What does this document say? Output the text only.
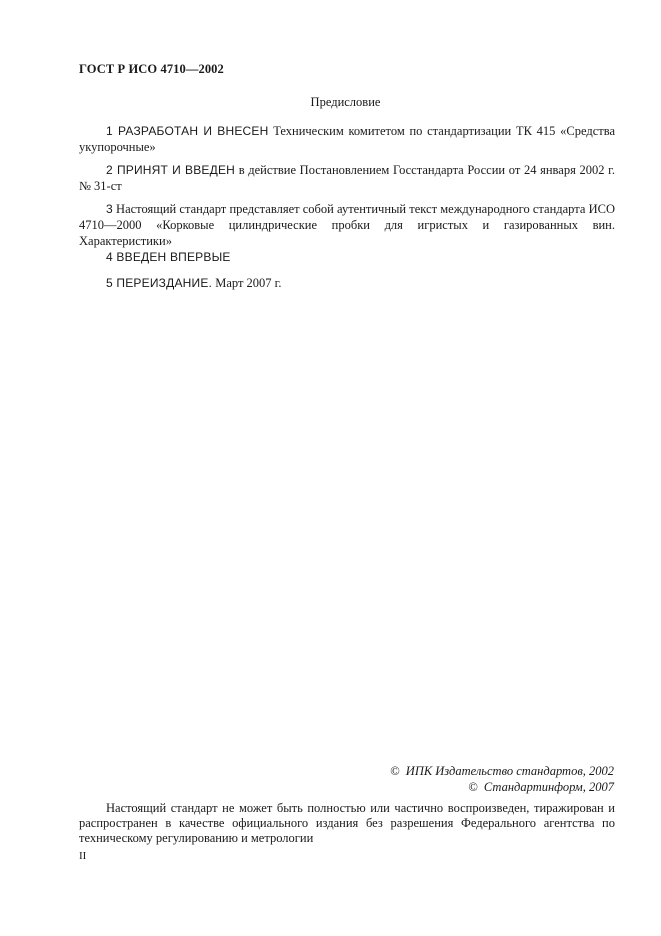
ГОСТ Р ИСО 4710—2002
Предисловие
1 РАЗРАБОТАН И ВНЕСЕН Техническим комитетом по стандартизации ТК 415 «Средства укупорочные»
2 ПРИНЯТ И ВВЕДЕН в действие Постановлением Госстандарта России от 24 января 2002 г. № 31-ст
3 Настоящий стандарт представляет собой аутентичный текст международного стандарта ИСО 4710—2000 «Корковые цилиндрические пробки для игристых и газированных вин. Характеристики»
4 ВВЕДЕН ВПЕРВЫЕ
5 ПЕРЕИЗДАНИЕ. Март 2007 г.
© ИПК Издательство стандартов, 2002
© Стандартинформ, 2007
Настоящий стандарт не может быть полностью или частично воспроизведен, тиражирован и распространен в качестве официального издания без разрешения Федерального агентства по техническому регулированию и метрологии
II
